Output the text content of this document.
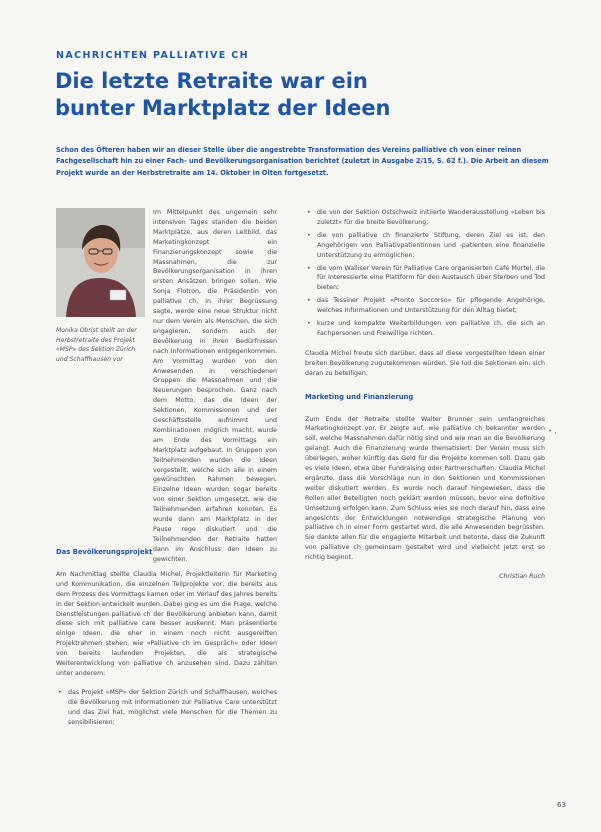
NACHRICHTEN PALLIATIVE CH
Die letzte Retraite war ein
bunter Marktplatz der Ideen
Schon des Öfteren haben wir an dieser Stelle über die angestrebte Transformation des Vereins palliative ch von einer reinen Fachgesellschaft hin zu einer Fach- und Bevölkerungsorganisation berichtet (zuletzt in Ausgabe 2/15, S. 62 f.). Die Arbeit an diesem Projekt wurde an der Herbstretraite am 14. Oktober in Olten fortgesetzt.
Monika Obrist stellt an der Herbstretraite des Projekt «MSP» des Sektion Zürich und Schaffhausen vor

Im Mittelpunkt des ungemein sehr intensiven Tages standen die beiden Marktplätze, aus deren Leitbild, das Marketingkonzept ein Finanzierungskonzept sowie die Massnahmen, die zur Bevölkerungsorganisation in ihren ersten Ansätzen bringen sollen. Wie Sonja Flotron, die Präsidentin von palliative ch, in ihrer Begrüssung sagte, werde eine neue Struktur nicht nur dem Verein als Menschen, die sich engagieren, sondern auch der Bevölkerung in ihren Bedürfnissen nach Informationen entgegenkommen. Am Vormittag wurden von den Anwesenden in verschiedenen Gruppen die Massnahmen und die Neuerungen besprochen. Ganz nach dem Motto, das die Ideen der Sektionen, Kommissionen und der Geschäftsstelle aufnimmt und Kombinationen möglich macht, wurde am Ende des Vormittags ein Marktplatz aufgebaut. In Gruppen von Teilnehmenden wurden die Ideen vorgestellt, welche sich alle in einem gewünschten Rahmen bewegen. Einzelne Ideen wurden sogar bereits von einer Sektion umgesetzt, wie die Teilnehmenden erfahren konnten. Es wurde dann am Marktplatz in der Pause rege diskutiert und die Teilnehmenden der Retraite hatten dann im Anschluss den Ideen zu gewichten.

Das Bevölkerungsprojekt

Am Nachmittag stellte Claudia Michel, Projektleiterin für Marketing und Kommunikation, die einzelnen Teilprojekte vor, die bereits aus dem Prozess des Vormittags kamen oder im Verlauf des Jahres bereits in der Sektion entwickelt wurden. Dabei ging es um die Frage, welche Dienstleistungen palliative ch der Bevölkerung anbieten kann, damit diese sich mit palliative care besser auskennt. Man präsentierte einige Ideen, die eher in einem noch nicht ausgereiften Projektrahmen stehen, wie «Palliative ch im Gespräch» oder Ideen von bereits laufenden Projekten, die als strategische Weiterentwicklung von palliative ch anzusehen sind. Dazu zählten unter anderem:

• das Projekt «MSP» der Sektion Zürich und Schaffhausen, welches die Bevölkerung mit Informationen zur Palliative Care unterstützt und das Ziel hat, möglichst viele Menschen für die Themen zu sensibilisieren;
• die von der Sektion Ostschweiz initiierte Wanderausstellung «Leben bis zuletzt» für die breite Bevölkerung;
• die von palliative ch finanzierte Stiftung, deren Ziel es ist, den Angehörigen von Palliativpatientinnen und -patienten eine finanzielle Unterstützung zu ermöglichen;
• die vom Walliser Verein für Palliative Care organisierten Café Mortel, die für Interessierte eine Plattform für den Austausch über Sterben und Tod bieten;
• das Tessiner Projekt «Pronto Soccorso» für pflegende Angehörige, welches Informationen und Unterstützung für den Alltag bietet;
• kurze und kompakte Weiterbildungen von palliative ch, die sich an Fachpersonen und Freiwillige richten.

Claudia Michel freute sich darüber, dass all diese vorgestellten Ideen einer breiten Bevölkerung zugutekommen würden. Sie lud die Sektionen ein, sich daran zu beteiligen.

Marketing und Finanzierung

Zum Ende der Retraite stellte Walter Brunner sein umfangreiches Marketingkonzept vor. Er zeigte auf, wie palliative ch bekannter werden soll, welche Massnahmen dafür nötig sind und wie man an die Bevölkerung gelangt. Auch die Finanzierung wurde thematisiert: Der Verein muss sich überlegen, woher künftig das Geld für die Projekte kommen soll. Dazu gab es viele Ideen, etwa über Fundraising oder Partnerschaften. Claudia Michel ergänzte, dass die Vorschläge nun in den Sektionen und Kommissionen weiter diskutiert werden. Es wurde noch darauf hingewiesen, dass die Rollen aller Beteiligten noch geklärt werden müssen, bevor eine definitive Umsetzung erfolgen kann. Zum Schluss wies sie noch darauf hin, dass eine angesichts der Entwicklungen notwendige strategische Planung von palliative ch in einer Form gestartet wird, die alle Anwesenden begrüssten. Sie dankte allen für die engagierte Mitarbeit und betonte, dass die Zukunft von palliative ch gemeinsam gestaltet wird und vielleicht jetzt erst so richtig beginnt.

Christian Ruch
• ,
63
